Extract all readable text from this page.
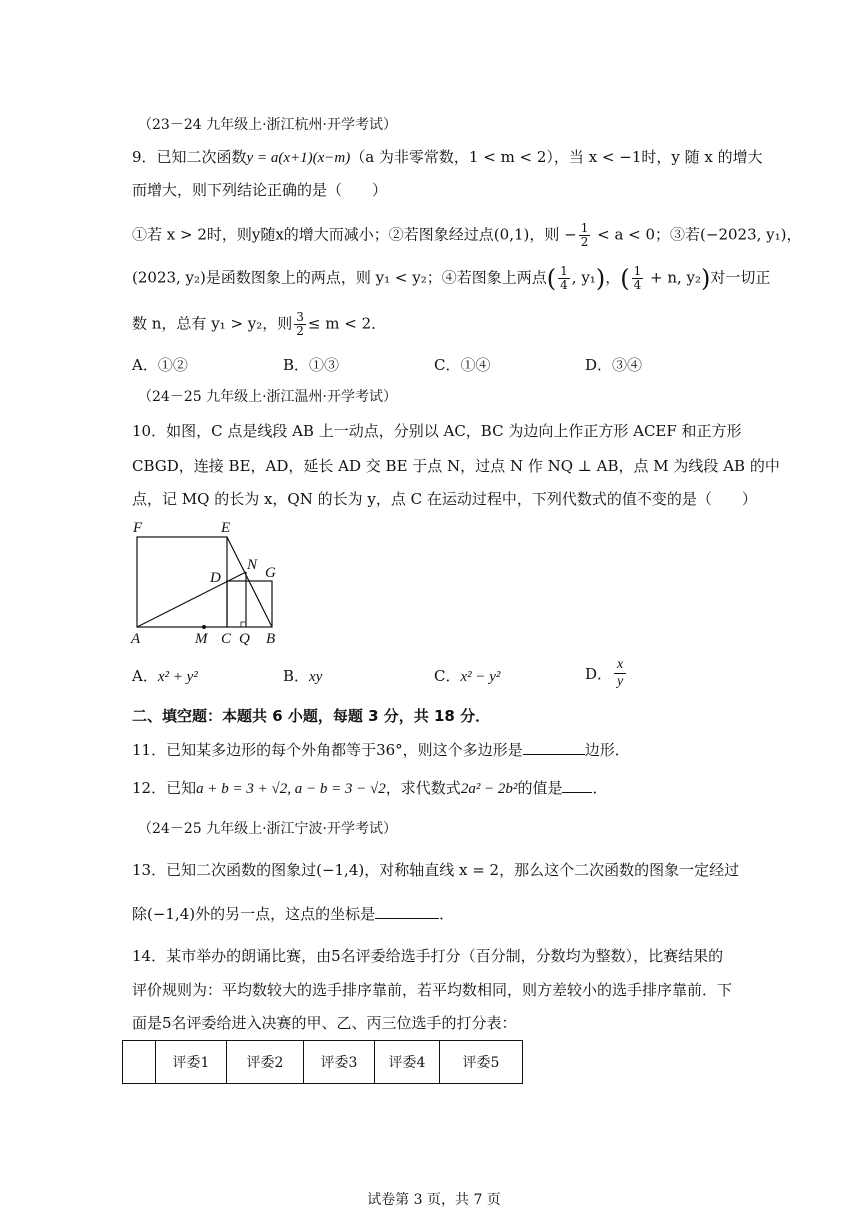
（23－24 九年级上·浙江杭州·开学考试）
9．已知二次函数y = a(x+1)(x−m)（a 为非零常数，1 < m < 2），当 x < −1时，y 随 x 的增大
而增大，则下列结论正确的是（　　）
①若 x > 2时，则y随x的增大而减小；②若图象经过点(0,1)，则 − $\frac{1}{2} < a < 0$；③若(−2023, y₁)，
(2023, y₂)是函数图象上的两点，则 y₁ < y₂；④若图象上两点( $\frac{1}{4}$ , y₁)，( $\frac{1}{4} + n$, y₂)对一切正
数 n，总有 y₁ > y₂，则 $\frac{3}{2} \le m < 2$．
A．①②	B．①③	C．①④	D．③④
（24－25 九年级上·浙江温州·开学考试）
10．如图，C 点是线段 AB 上一动点，分别以 AC，BC 为边向上作正方形 ACEF 和正方形
CBGD，连接 BE，AD，延长 AD 交 BE 于点 N，过点 N 作 NQ ⊥ AB，点 M 为线段 AB 的中
点，记 MQ 的长为 x，QN 的长为 y，点 C 在运动过程中，下列代数式的值不变的是（　　）
F	E
D
N G
A	M C Q B
A．x² + y²	B．xy	C．x² − y²	D． $\frac{x}{y}$
二、填空题：本题共 6 小题，每题 3 分，共 18 分．
11．已知某多边形的每个外角都等于36°，则这个多边形是	边形．
12．已知a + b = 3 + √2, a − b = 3 − √2，求代数式2a² − 2b²的值是 ．
（24－25 九年级上·浙江宁波·开学考试）
13．已知二次函数的图象过(−1,4)，对称轴直线 x = 2，那么这个二次函数的图象一定经过
除(−1,4)外的另一点，这点的坐标是	．
14．某市举办的朗诵比赛，由5名评委给选手打分（百分制，分数均为整数），比赛结果的
评价规则为：平均数较大的选手排序靠前，若平均数相同，则方差较小的选手排序靠前．下
面是5名评委给进入决赛的甲、乙、丙三位选手的打分表：
	评委1	评委2	评委3	评委4	评委5
试卷第 3 页，共 7 页
